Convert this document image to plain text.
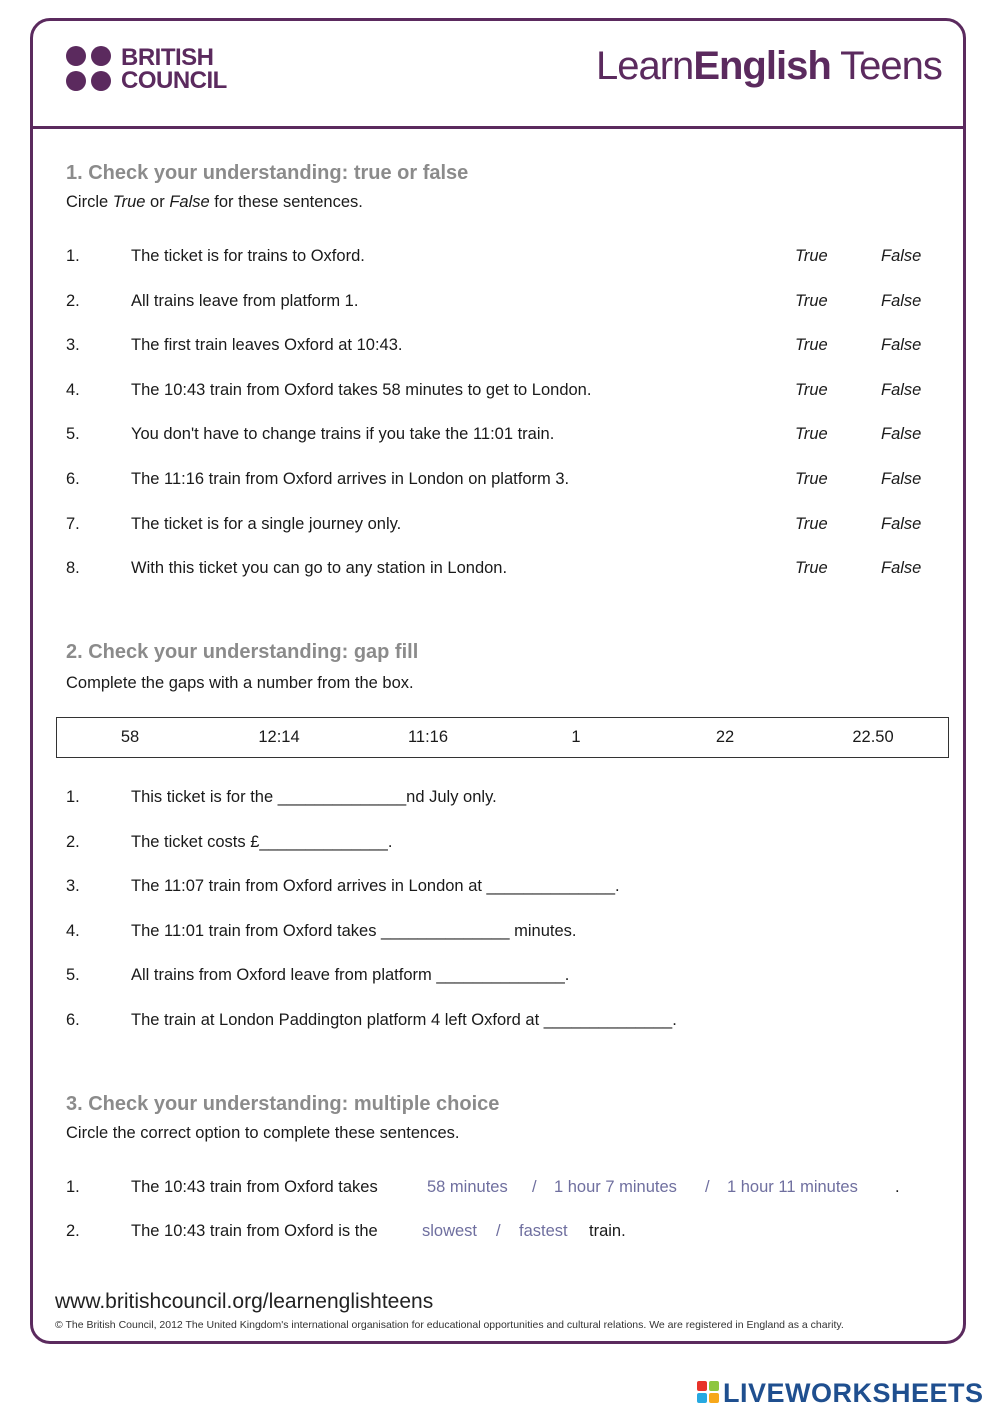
BRITISH
COUNCIL	LearnEnglish Teens
1. Check your understanding: true or false
Circle True or False for these sentences.
1.	The ticket is for trains to Oxford.	True	False
2.	All trains leave from platform 1.	True	False
3.	The first train leaves Oxford at 10:43.	True	False
4.	The 10:43 train from Oxford takes 58 minutes to get to London.	True	False
5.	You don't have to change trains if you take the 11:01 train.	True	False
6.	The 11:16 train from Oxford arrives in London on platform 3.	True	False
7.	The ticket is for a single journey only.	True	False
8.	With this ticket you can go to any station in London.	True	False
2. Check your understanding: gap fill
Complete the gaps with a number from the box.
58	12:14	11:16	1	22	22.50
1.	This ticket is for the ______________nd July only.
2.	The ticket costs £______________.
3.	The 11:07 train from Oxford arrives in London at ______________.
4.	The 11:01 train from Oxford takes ______________ minutes.
5.	All trains from Oxford leave from platform ______________.
6.	The train at London Paddington platform 4 left Oxford at ______________.
3. Check your understanding: multiple choice
Circle the correct option to complete these sentences.
1.	The 10:43 train from Oxford takes	58 minutes / 1 hour 7 minutes / 1 hour 11 minutes .
2.	The 10:43 train from Oxford is the	slowest / fastest train.
www.britishcouncil.org/learnenglishteens
© The British Council, 2012 The United Kingdom's international organisation for educational opportunities and cultural relations. We are registered in England as a charity.
LIVEWORKSHEETS
